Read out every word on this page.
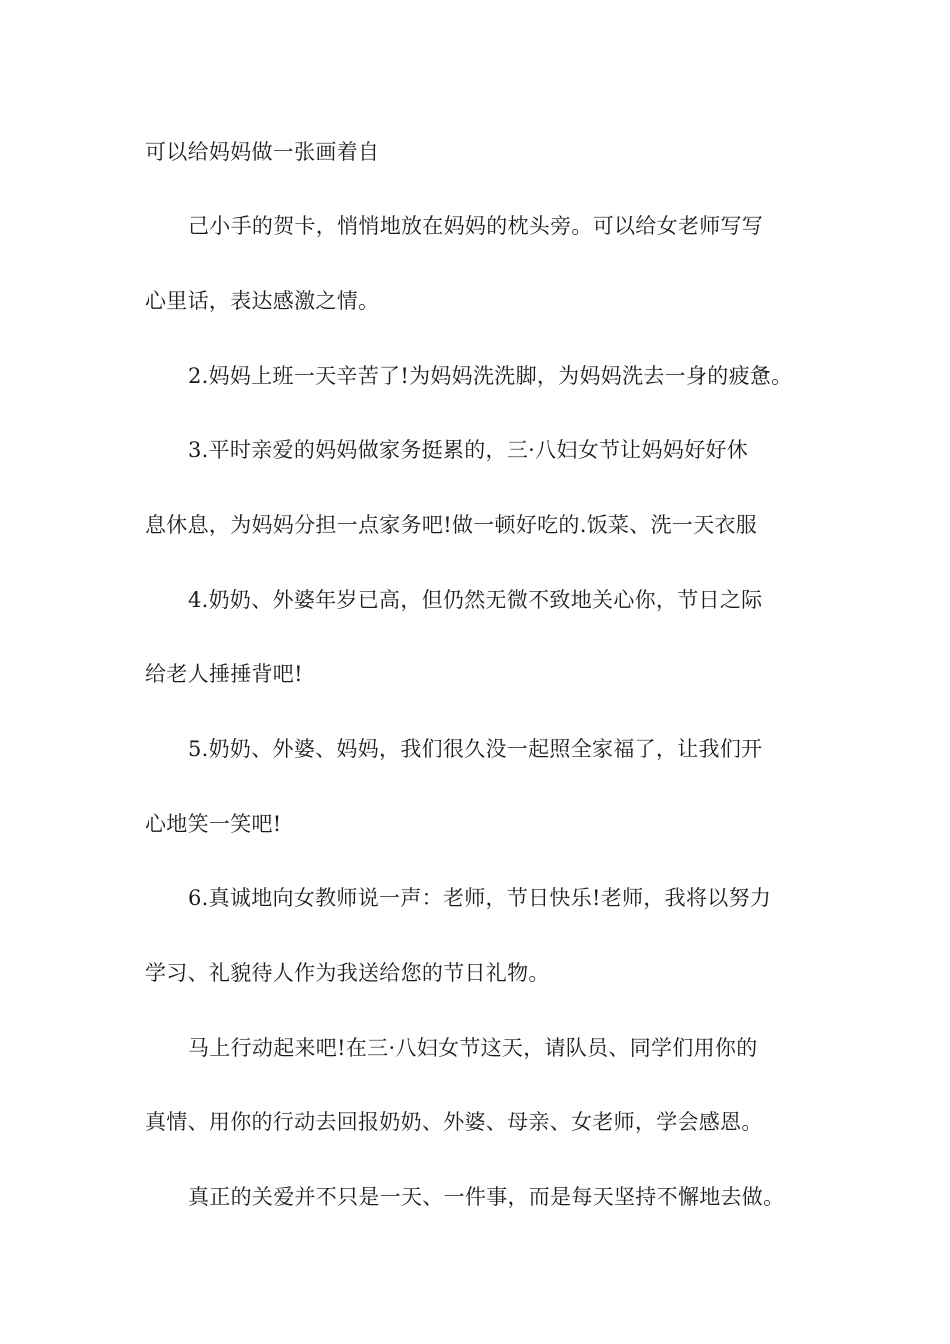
可以给妈妈做一张画着自
己小手的贺卡，悄悄地放在妈妈的枕头旁。可以给女老师写写
心里话，表达感激之情。
2.妈妈上班一天辛苦了!为妈妈洗洗脚，为妈妈洗去一身的疲惫。
3.平时亲爱的妈妈做家务挺累的，三·八妇女节让妈妈好好休
息休息，为妈妈分担一点家务吧!做一顿好吃的.饭菜、洗一天衣服
4.奶奶、外婆年岁已高，但仍然无微不致地关心你，节日之际
给老人捶捶背吧!
5.奶奶、外婆、妈妈，我们很久没一起照全家福了，让我们开
心地笑一笑吧!
6.真诚地向女教师说一声：老师，节日快乐!老师，我将以努力
学习、礼貌待人作为我送给您的节日礼物。
马上行动起来吧!在三·八妇女节这天，请队员、同学们用你的
真情、用你的行动去回报奶奶、外婆、母亲、女老师，学会感恩。
真正的关爱并不只是一天、一件事，而是每天坚持不懈地去做。
